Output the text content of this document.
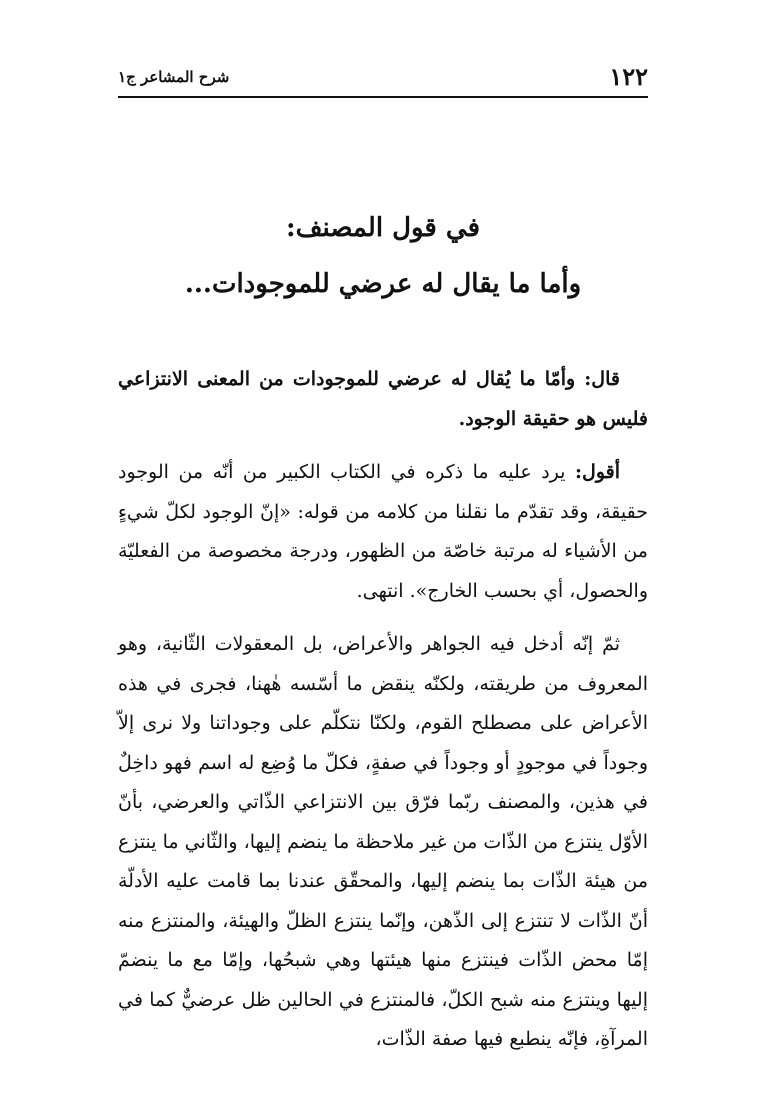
١٢٢
شرح المشاعر ج١
في قول المصنف:
وأما ما يقال له عرضي للموجودات...

قال: وأمّا ما يُقال له عرضي للموجودات من المعنى الانتزاعي فليس هو حقيقة الوجود.

أقول: يرد عليه ما ذكره في الكتاب الكبير من أنّه من الوجود حقيقة، وقد تقدّم ما نقلنا من كلامه من قوله: «إنّ الوجود لكلّ شيءٍ من الأشياء له مرتبة خاصّة من الظهور، ودرجة مخصوصة من الفعليّة والحصول، أي بحسب الخارج». انتهى.

ثمّ إنّه أدخل فيه الجواهر والأعراض، بل المعقولات الثّانية، وهو المعروف من طريقته، ولكنّه ينقض ما أسّسه هٰهنا، فجرى في هذه الأعراض على مصطلح القوم، ولكنّا نتكلّم على وجوداتنا ولا نرى إلاّ وجوداً في موجودٍ أو وجوداً في صفةٍ، فكلّ ما وُضِع له اسم فهو داخِلٌ في هذين، والمصنف ربّما فرّق بين الانتزاعي الذّاتي والعرضي، بأنّ الأوّل ينتزع من الذّات من غير ملاحظة ما ينضم إليها، والثّاني ما ينتزع من هيئة الذّات بما ينضم إليها، والمحقّق عندنا بما قامت عليه الأدلّة أنّ الذّات لا تنتزع إلى الذّهن، وإنّما ينتزع الظلّ والهيئة، والمنتزع منه إمّا محض الذّات فينتزع منها هيئتها وهي شبحُها، وإمّا مع ما ينضمّ إليها وينتزع منه شبح الكلّ، فالمنتزع في الحالين ظل عرضيٌّ كما في المرآةِ، فإنّه ينطبع فيها صفة الذّات،
